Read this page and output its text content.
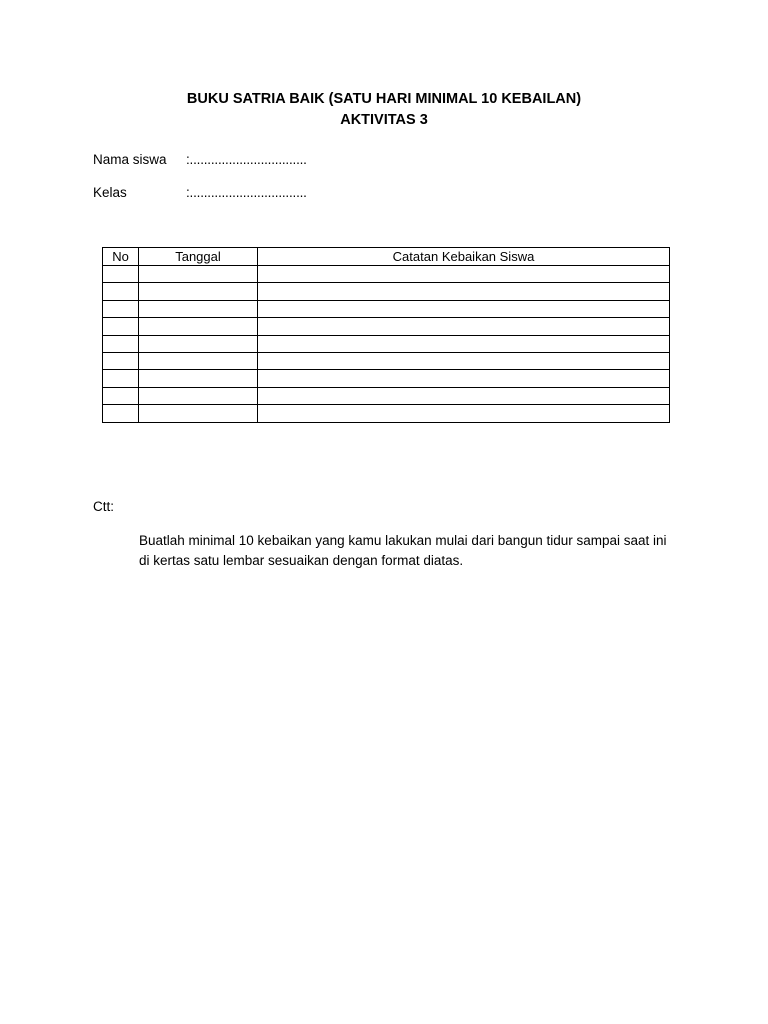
BUKU SATRIA BAIK (SATU HARI MINIMAL 10 KEBAILAN)
AKTIVITAS 3
Nama siswa :.................................
Kelas	:.................................
No	Tanggal	Catatan Kebaikan Siswa

Ctt:
Buatlah minimal 10 kebaikan yang kamu lakukan mulai dari bangun tidur sampai saat ini di kertas satu lembar sesuaikan dengan format diatas.
